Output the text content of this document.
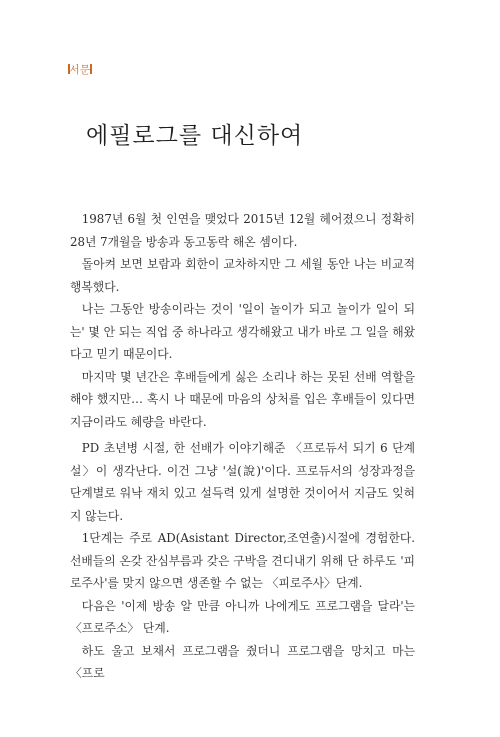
서문
에필로그를 대신하여

1987년 6월 첫 인연을 맺었다 2015년 12월 헤어졌으니 정확히 28년 7개월을 방송과 동고동락 해온 셈이다.

돌아켜 보면 보람과 회한이 교차하지만 그 세월 동안 나는 비교적 행복했다.

나는 그동안 방송이라는 것이 '일이 놀이가 되고 놀이가 일이 되는' 몇 안 되는 직업 중 하나라고 생각해왔고 내가 바로 그 일을 해왔다고 믿기 때문이다.

마지막 몇 년간은 후배들에게 싫은 소리나 하는 못된 선배 역할을 해야 했지만… 혹시 나 때문에 마음의 상처를 입은 후배들이 있다면 지금이라도 혜량을 바란다.

PD 초년병 시절, 한 선배가 이야기해준 〈프로듀서 되기 6 단계 설〉이 생각난다. 이건 그냥 '설(說)'이다. 프로듀서의 성장과정을 단계별로 워낙 재치 있고 설득력 있게 설명한 것이어서 지금도 잊혀지 않는다.

1단계는 주로 AD(Asistant Director,조연출)시절에 경험한다. 선배들의 온갖 잔심부름과 갖은 구박을 견디내기 위해 단 하루도 '피로주사'를 맞지 않으면 생존할 수 없는 〈피로주사〉단계.

다음은 '이제 방송 알 만큼 아니까 나에게도 프로그램을 달라'는 〈프로주소〉 단계.

하도 울고 보채서 프로그램을 줬더니 프로그램을 망치고 마는 〈프로
